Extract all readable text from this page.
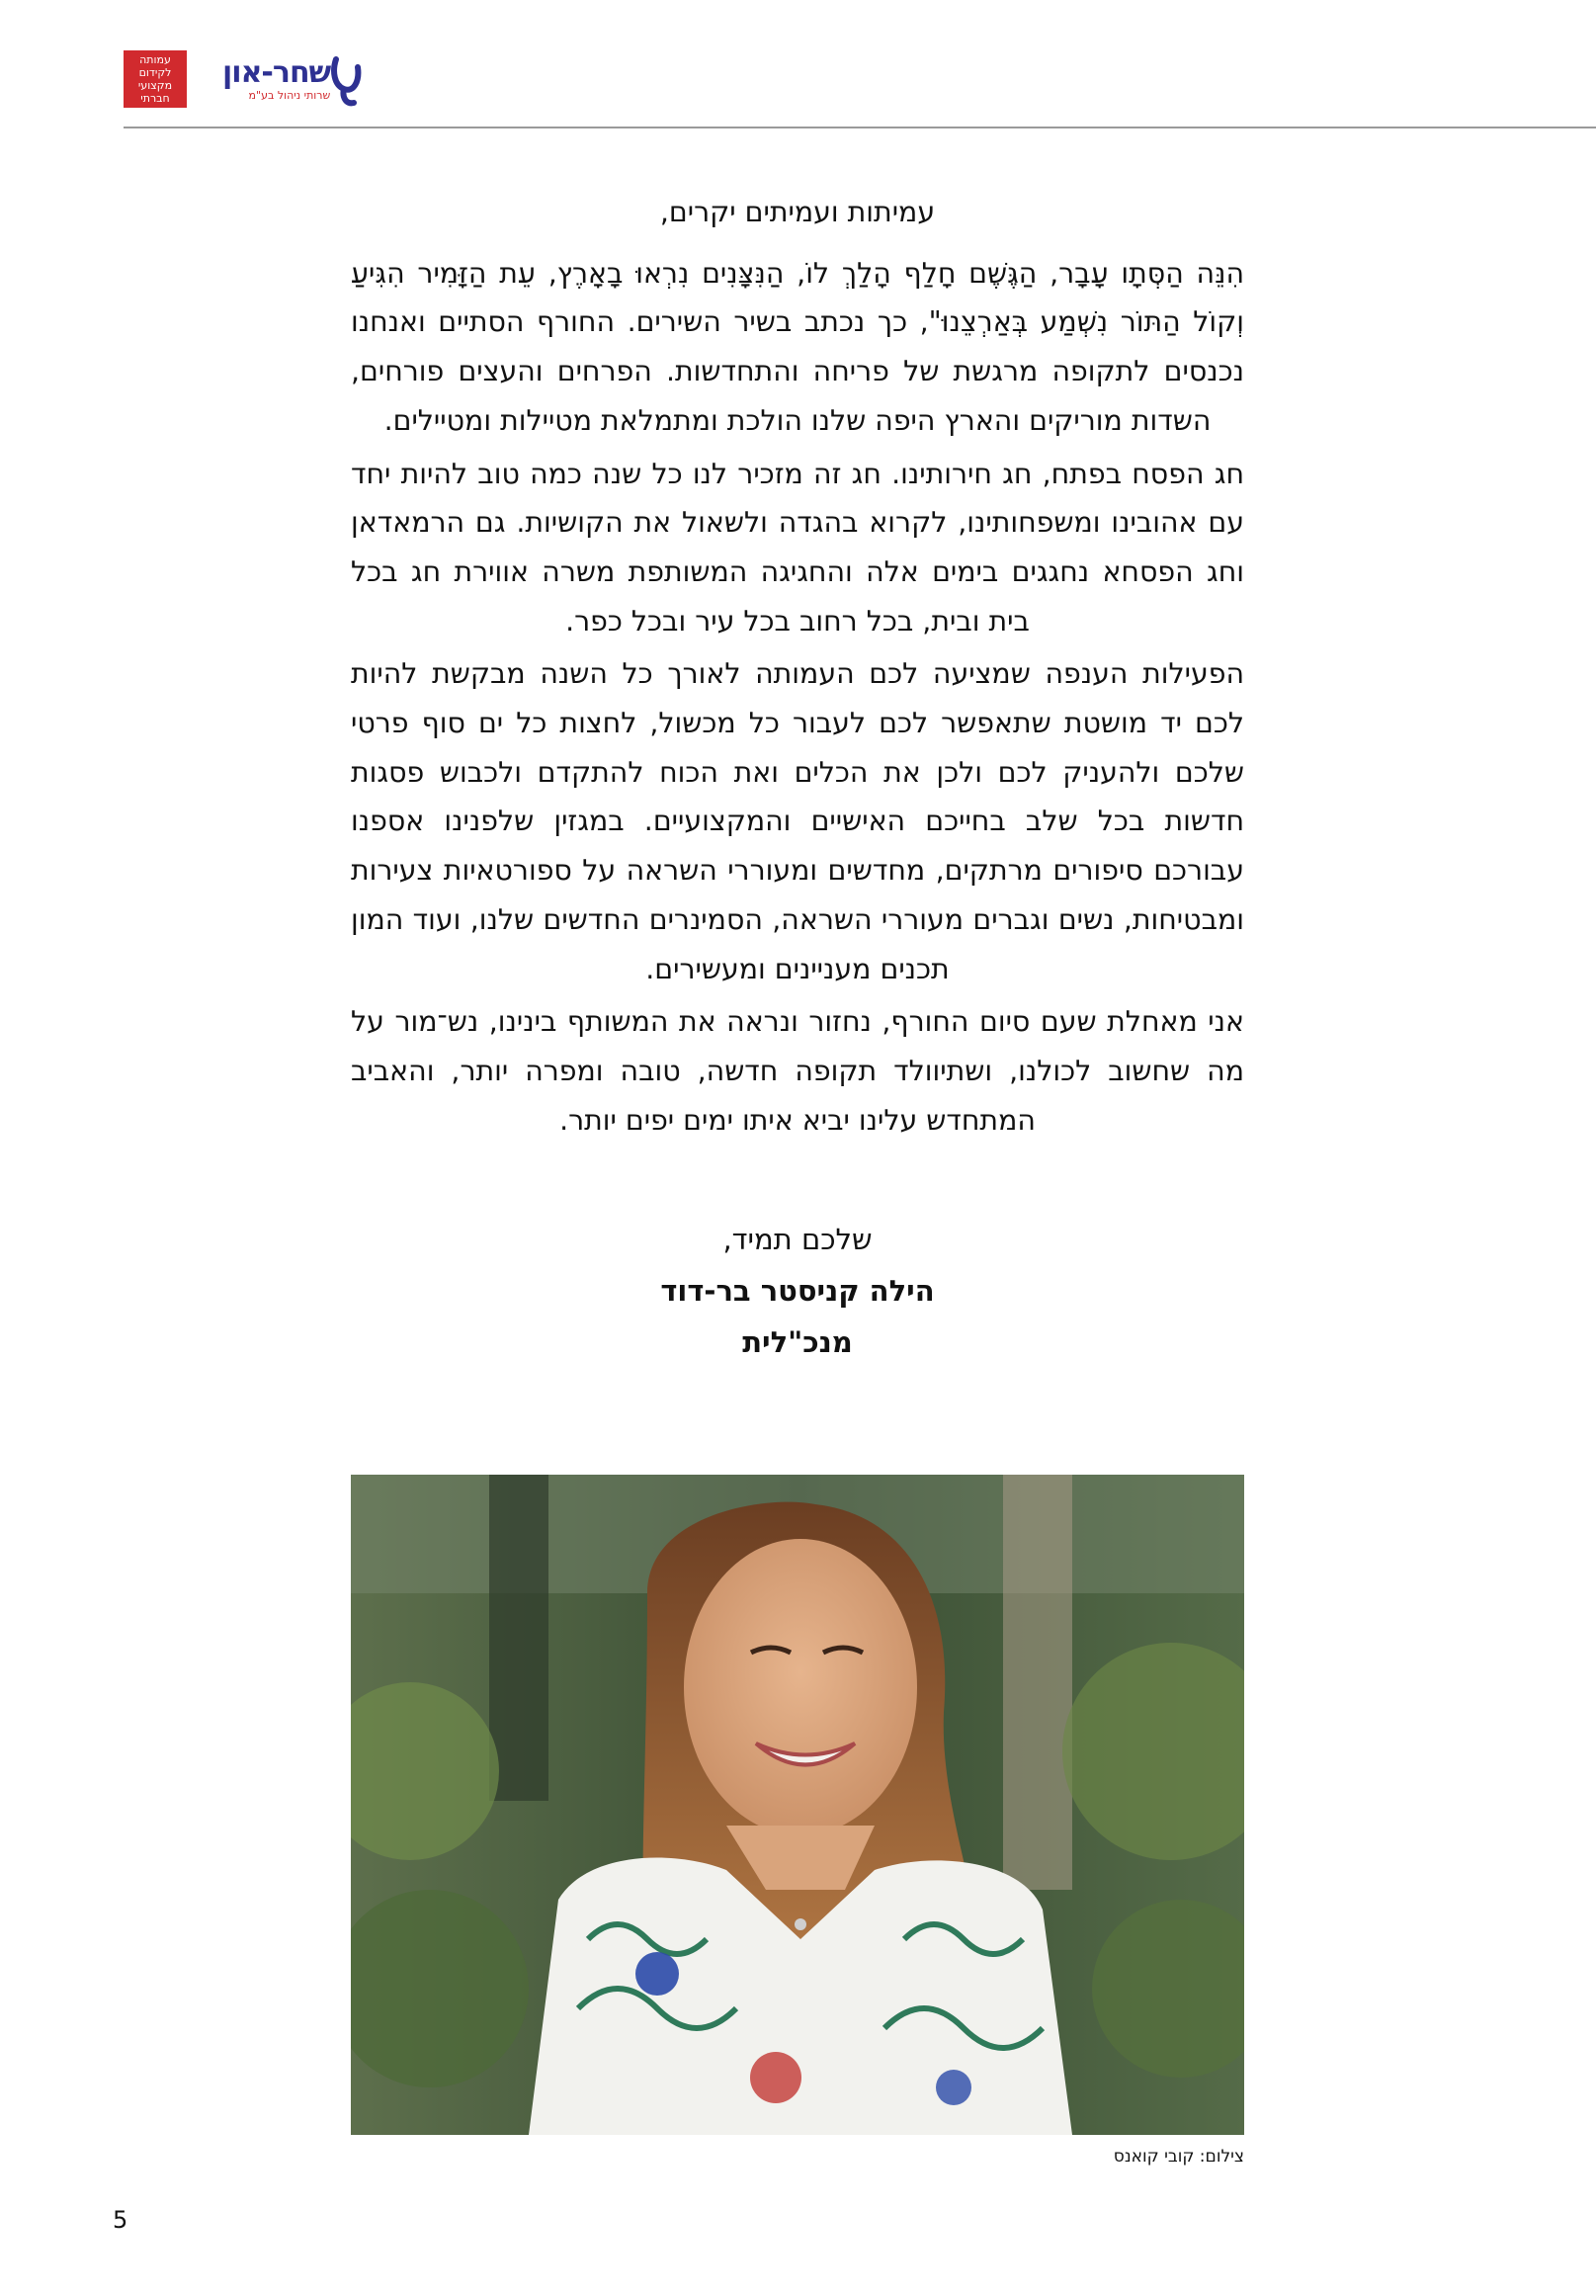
עמותה
לקידום
מקצועי
חברתי
שחר-און
שרותי ניהול בע"מ

עמיתות ועמיתים יקרים,

הִנֵּה הַסְּתָו עָבָר, הַגֶּשֶׁם חָלַף הָלַךְ לוֹ, הַנִּצָּנִים נִרְאוּ בָאָרֶץ, עֵת הַזָּמִיר הִגִּיעַ וְקוֹל הַתּוֹר נִשְׁמַע בְּאַרְצֵנוּ", כך נכתב בשיר השירים. החורף הסתיים ואנחנו נכנסים לתקופה מרגשת של פריחה והתחדשות. הפרחים והעצים פורחים, השדות מוריקים והארץ היפה שלנו הולכת ומתמלאת מטיילות ומטיילים.

חג הפסח בפתח, חג חירותינו. חג זה מזכיר לנו כל שנה כמה טוב להיות יחד עם אהובינו ומשפחותינו, לקרוא בהגדה ולשאול את הקושיות. גם הרמאדאן וחג הפסחא נחגגים בימים אלה והחגיגה המשותפת משרה אווירת חג בכל בית ובית, בכל רחוב בכל עיר ובכל כפר.

הפעילות הענפה שמציעה לכם העמותה לאורך כל השנה מבקשת להיות לכם יד מושטת שתאפשר לכם לעבור כל מכשול, לחצות כל ים סוף פרטי שלכם ולהעניק לכם ולכן את הכלים ואת הכוח להתקדם ולכבוש פסגות חדשות בכל שלב בחייכם האישיים והמקצועיים. במגזין שלפנינו אספנו עבורכם סיפורים מרתקים, מחדשים ומעוררי השראה על ספורטאיות צעירות ומבטיחות, נשים וגברים מעוררי השראה, הסמינרים החדשים שלנו, ועוד המון תכנים מעניינים ומעשירים.

אני מאחלת שעם סיום החורף, נחזור ונראה את המשותף בינינו, נש־מור על מה שחשוב לכולנו, ושתיוולד תקופה חדשה, טובה ומפרה יותר, והאביב המתחדש עלינו יביא איתו ימים יפים יותר.

שלכם תמיד,
הילה קניסטר בר-דוד
מנכ"לית
צילום: קובי קואנס
5
